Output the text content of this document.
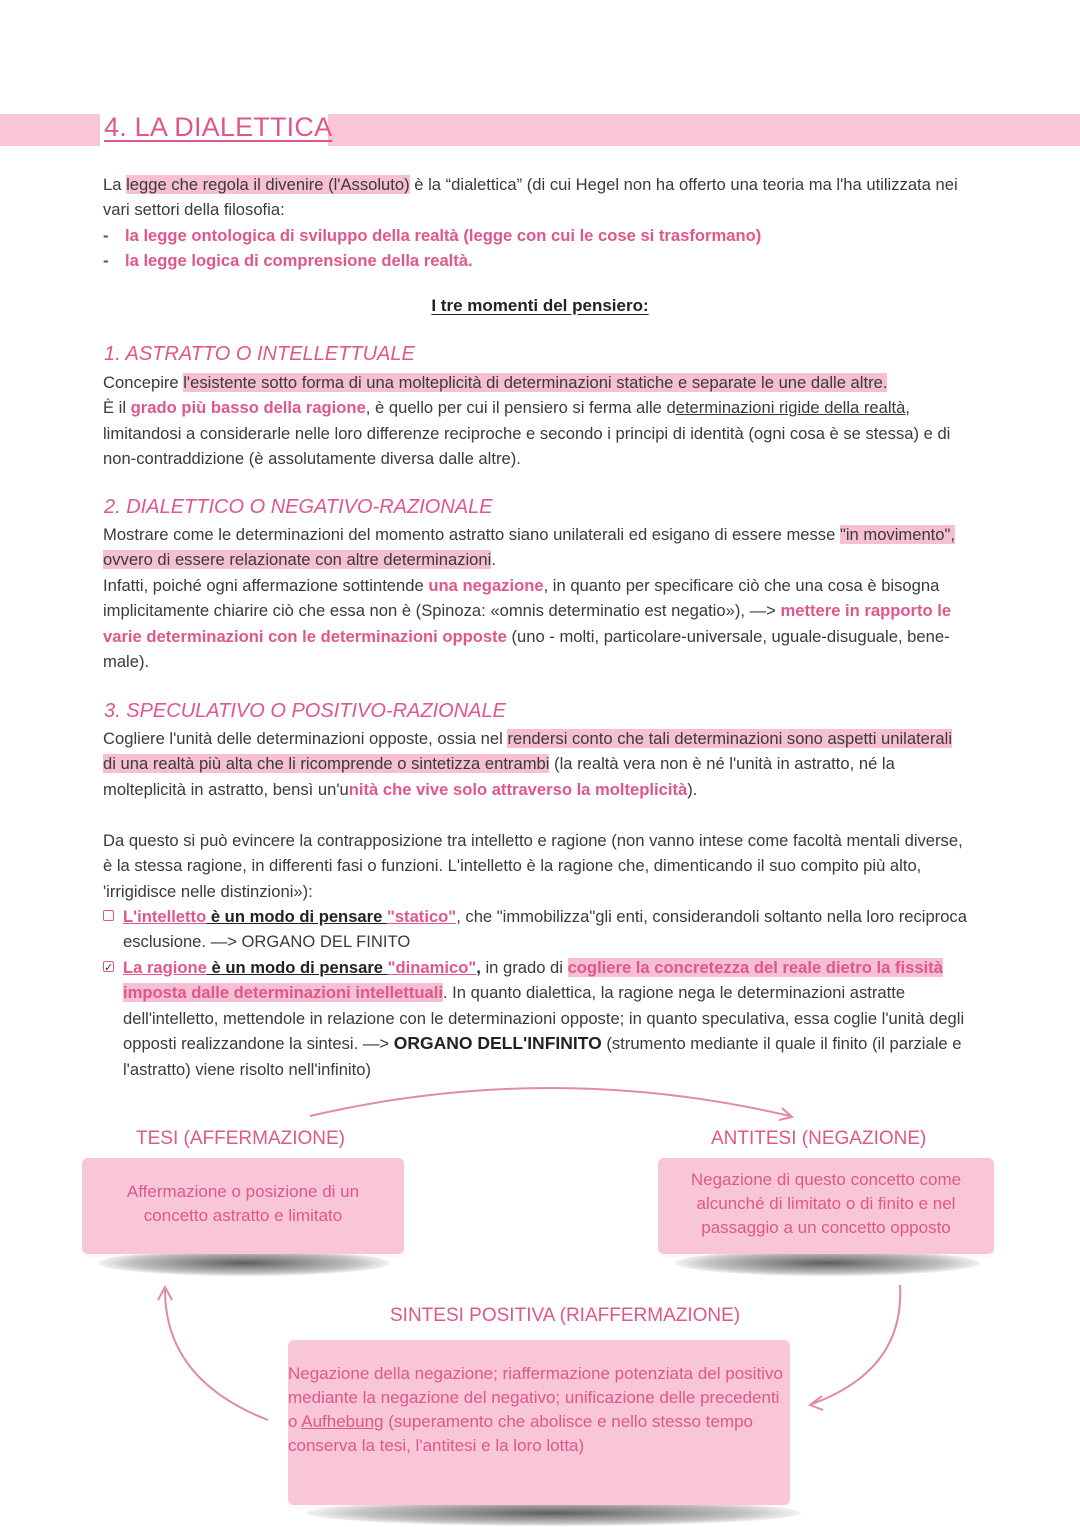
4. LA DIALETTICA
La legge che regola il divenire (l'Assoluto) è la “dialettica” (di cui Hegel non ha offerto una teoria ma l'ha utilizzata nei vari settori della filosofia:
- la legge ontologica di sviluppo della realtà (legge con cui le cose si trasformano)
- la legge logica di comprensione della realtà.
I tre momenti del pensiero:
1. ASTRATTO O INTELLETTUALE
Concepire l'esistente sotto forma di una molteplicità di determinazioni statiche e separate le une dalle altre.
È il grado più basso della ragione, è quello per cui il pensiero si ferma alle determinazioni rigide della realtà, limitandosi a considerarle nelle loro differenze reciproche e secondo i principi di identità (ogni cosa è se stessa) e di non-contraddizione (è assolutamente diversa dalle altre).
2. DIALETTICO O NEGATIVO-RAZIONALE
Mostrare come le determinazioni del momento astratto siano unilaterali ed esigano di essere messe "in movimento", ovvero di essere relazionate con altre determinazioni.
Infatti, poiché ogni affermazione sottintende una negazione, in quanto per specificare ciò che una cosa è bisogna implicitamente chiarire ciò che essa non è (Spinoza: «omnis determinatio est negatio»), —> mettere in rapporto le varie determinazioni con le determinazioni opposte (uno - molti, particolare-universale, uguale-disuguale, bene-male).
3. SPECULATIVO O POSITIVO-RAZIONALE
Cogliere l'unità delle determinazioni opposte, ossia nel rendersi conto che tali determinazioni sono aspetti unilaterali di una realtà più alta che li ricomprende o sintetizza entrambi (la realtà vera non è né l'unità in astratto, né la molteplicità in astratto, bensì un'unità che vive solo attraverso la molteplicità).
Da questo si può evincere la contrapposizione tra intelletto e ragione (non vanno intese come facoltà mentali diverse, è la stessa ragione, in differenti fasi o funzioni. L'intelletto è la ragione che, dimenticando il suo compito più alto, 'irrigidisce nelle distinzioni»):
L'intelletto è un modo di pensare "statico", che "immobilizza"gli enti, considerandoli soltanto nella loro reciproca esclusione. —> ORGANO DEL FINITO
✓
La ragione è un modo di pensare "dinamico", in grado di cogliere la concretezza del reale dietro la fissità imposta dalle determinazioni intellettuali. In quanto dialettica, la ragione nega le determinazioni astratte dell'intelletto, mettendole in relazione con le determinazioni opposte; in quanto speculativa, essa coglie l'unità degli opposti realizzandone la sintesi. —> ORGANO DELL'INFINITO (strumento mediante il quale il finito (il parziale e l'astratto) viene risolto nell'infinito)
TESI (AFFERMAZIONE)
Affermazione o posizione di un concetto astratto e limitato
ANTITESI (NEGAZIONE)
Negazione di questo concetto come alcunché di limitato o di finito e nel passaggio a un concetto opposto
SINTESI POSITIVA (RIAFFERMAZIONE)
Negazione della negazione; riaffermazione potenziata del positivo mediante la negazione del negativo; unificazione delle precedenti
o Aufhebung (superamento che abolisce e nello stesso tempo conserva la tesi, l'antitesi e la loro lotta)
